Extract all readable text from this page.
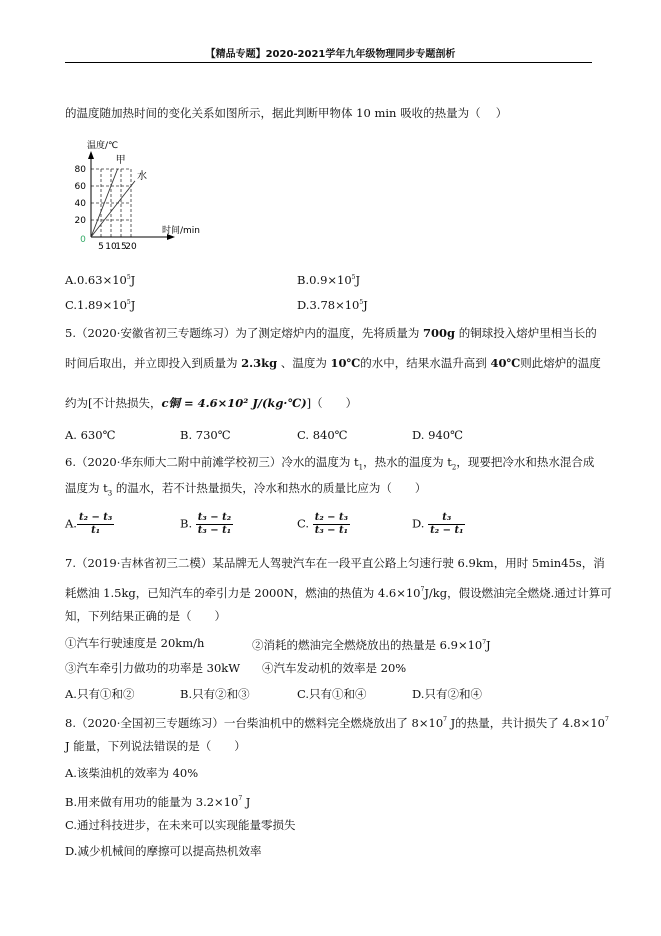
【精品专题】2020-2021学年九年级物理同步专题剖析
的温度随加热时间的变化关系如图所示，据此判断甲物体 10 min 吸收的热量为（　 ）
5 10
15
20
20
40
60
80
0
温度/℃
时间/min
甲
水
$A.0.63\times 10^5J$	$B.0.9\times 10^5J$
$C.1.89\times 10^5J$	$D.3.78\times 10^5J$
5.（2020·安徽省初三专题练习）为了测定熔炉内的温度，先将质量为 700g 的铜球投入熔炉里相当长的
时间后取出，并立即投入到质量为 2.3kg 、温度为 10℃的水中，结果水温升高到 40℃则此熔炉的温度
约为[不计热损失，c铜 = 4.6×10² J/(kg·℃)]（　　）
A. 630℃	B. 730℃	C. 840℃	D. 940℃
6.（2020·华东师大二附中前滩学校初三）冷水的温度为 $t_1$，热水的温度为 $t_2$，现要把冷水和热水混合成
温度为 $t_3$ 的温水，若不计热量损失，冷水和热水的质量比应为（　　）
A. $\frac{\text{t₂ − t₃}}{\text{t₁}}$	B. $\frac{\text{t₃ − t₂}}{\text{t₃ − t₁}}$	C. $\frac{\text{t₂ − t₃}}{\text{t₃ − t₁}}$	D. $\frac{\text{t₃}}{\text{t₂ − t₁}}$
7.（2019·吉林省初三二模）某品牌无人驾驶汽车在一段平直公路上匀速行驶 6.9km，用时 5min45s，消
耗燃油 1.5kg，已知汽车的牵引力是 2000N，燃油的热值为 $4.6\times 10^7J/kg$，假设燃油完全燃烧.通过计算可
知，下列结果正确的是（　　）
①汽车行驶速度是 20km/h	②消耗的燃油完全燃烧放出的热量是 $6.9\times 10^7J$
③汽车牵引力做功的功率是 30kW ④汽车发动机的效率是 20%
A.只有①和②	B.只有②和③	C.只有①和④	D.只有②和④
8.（2020·全国初三专题练习）一台柴油机中的燃料完全燃烧放出了 $8\times 10^7$ J的热量，共计损失了 $4.8\times 10^7$
J 能量，下列说法错误的是（　　）
A.该柴油机的效率为 40%
B.用来做有用功的能量为 $3.2\times 10^7$ J
C.通过科技进步，在未来可以实现能量零损失
D.减少机械间的摩擦可以提高热机效率
